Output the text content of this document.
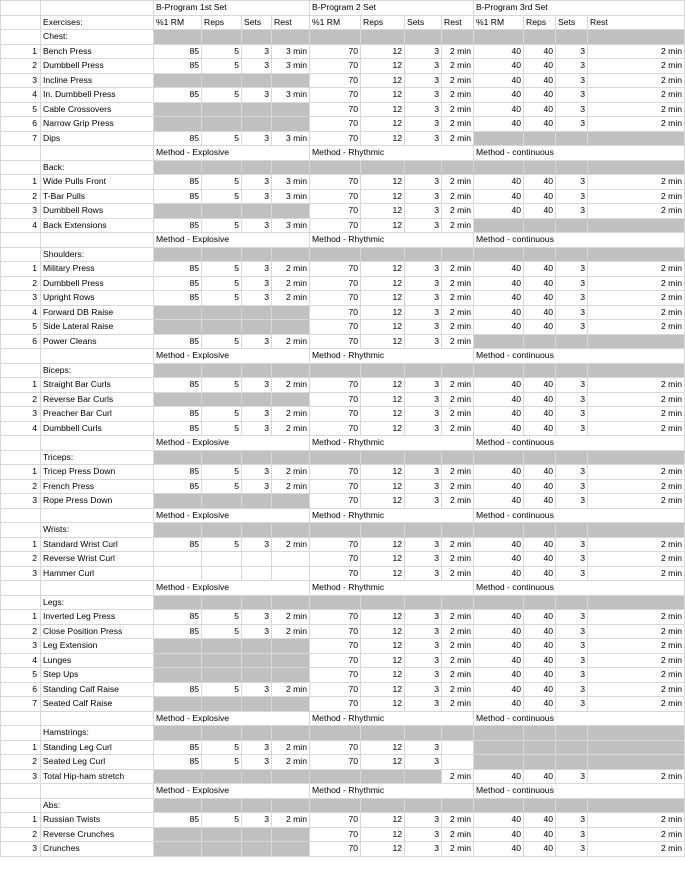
		B-Program 1st Set				B-Program 2 Set				B-Program 3rd Set			
	Exercises:	%1 RM	Reps	Sets	Rest	%1 RM	Reps	Sets	Rest	%1 RM	Reps	Sets	Rest
	Chest:												
1	Bench Press	85	5	3	3 min	70	12	3	2 min	40	40	3	2 min
2	Dumbbell Press	85	5	3	3 min	70	12	3	2 min	40	40	3	2 min
3	Incline Press					70	12	3	2 min	40	40	3	2 min
4	In. Dumbbell Press	85	5	3	3 min	70	12	3	2 min	40	40	3	2 min
5	Cable Crossovers					70	12	3	2 min	40	40	3	2 min
6	Narrow Grip Press					70	12	3	2 min	40	40	3	2 min
7	Dips	85	5	3	3 min	70	12	3	2 min				
		Method - Explosive				Method - Rhythmic				Method - continuous			
	Back:												
1	Wide Pulls Front	85	5	3	3 min	70	12	3	2 min	40	40	3	2 min
2	T-Bar Pulls	85	5	3	3 min	70	12	3	2 min	40	40	3	2 min
3	Dumbbell Rows					70	12	3	2 min	40	40	3	2 min
4	Back Extensions	85	5	3	3 min	70	12	3	2 min				
		Method - Explosive				Method - Rhythmic				Method - continuous			
	Shoulders:												
1	Military Press	85	5	3	2 min	70	12	3	2 min	40	40	3	2 min
2	Dumbbell Press	85	5	3	2 min	70	12	3	2 min	40	40	3	2 min
3	Upright Rows	85	5	3	2 min	70	12	3	2 min	40	40	3	2 min
4	Forward DB Raise					70	12	3	2 min	40	40	3	2 min
5	Side Lateral Raise					70	12	3	2 min	40	40	3	2 min
6	Power Cleans	85	5	3	2 min	70	12	3	2 min				
		Method - Explosive				Method - Rhythmic				Method - continuous			
	Biceps:												
1	Straight Bar Curls	85	5	3	2 min	70	12	3	2 min	40	40	3	2 min
2	Reverse Bar Curls					70	12	3	2 min	40	40	3	2 min
3	Preacher Bar Curl	85	5	3	2 min	70	12	3	2 min	40	40	3	2 min
4	Dumbbell Curls	85	5	3	2 min	70	12	3	2 min	40	40	3	2 min
		Method - Explosive				Method - Rhythmic				Method - continuous			
	Triceps:												
1	Tricep Press Down	85	5	3	2 min	70	12	3	2 min	40	40	3	2 min
2	French Press	85	5	3	2 min	70	12	3	2 min	40	40	3	2 min
3	Rope Press Down					70	12	3	2 min	40	40	3	2 min
		Method - Explosive				Method - Rhythmic				Method - continuous			
	Wrists:												
1	Standard Wrist Curl	85	5	3	2 min	70	12	3	2 min	40	40	3	2 min
2	Reverse Wrist Curl					70	12	3	2 min	40	40	3	2 min
3	Hammer Curl					70	12	3	2 min	40	40	3	2 min
		Method - Explosive				Method - Rhythmic				Method - continuous			
	Legs:												
1	Inverted Leg Press	85	5	3	2 min	70	12	3	2 min	40	40	3	2 min
2	Close Position Press	85	5	3	2 min	70	12	3	2 min	40	40	3	2 min
3	Leg Extension					70	12	3	2 min	40	40	3	2 min
4	Lunges					70	12	3	2 min	40	40	3	2 min
5	Step Ups					70	12	3	2 min	40	40	3	2 min
6	Standing Calf Raise	85	5	3	2 min	70	12	3	2 min	40	40	3	2 min
7	Seated Calf Raise					70	12	3	2 min	40	40	3	2 min
		Method - Explosive				Method - Rhythmic				Method - continuous			
	Hamstrings:												
1	Standing Leg Curl	85	5	3	2 min	70	12	3					
2	Seated Leg Curl	85	5	3	2 min	70	12	3					
3	Total Hip-ham stretch								2 min	40	40	3	2 min
		Method - Explosive				Method - Rhythmic				Method - continuous			
	Abs:												
1	Russian Twists	85	5	3	2 min	70	12	3	2 min	40	40	3	2 min
2	Reverse Crunches					70	12	3	2 min	40	40	3	2 min
3	Crunches					70	12	3	2 min	40	40	3	2 min
